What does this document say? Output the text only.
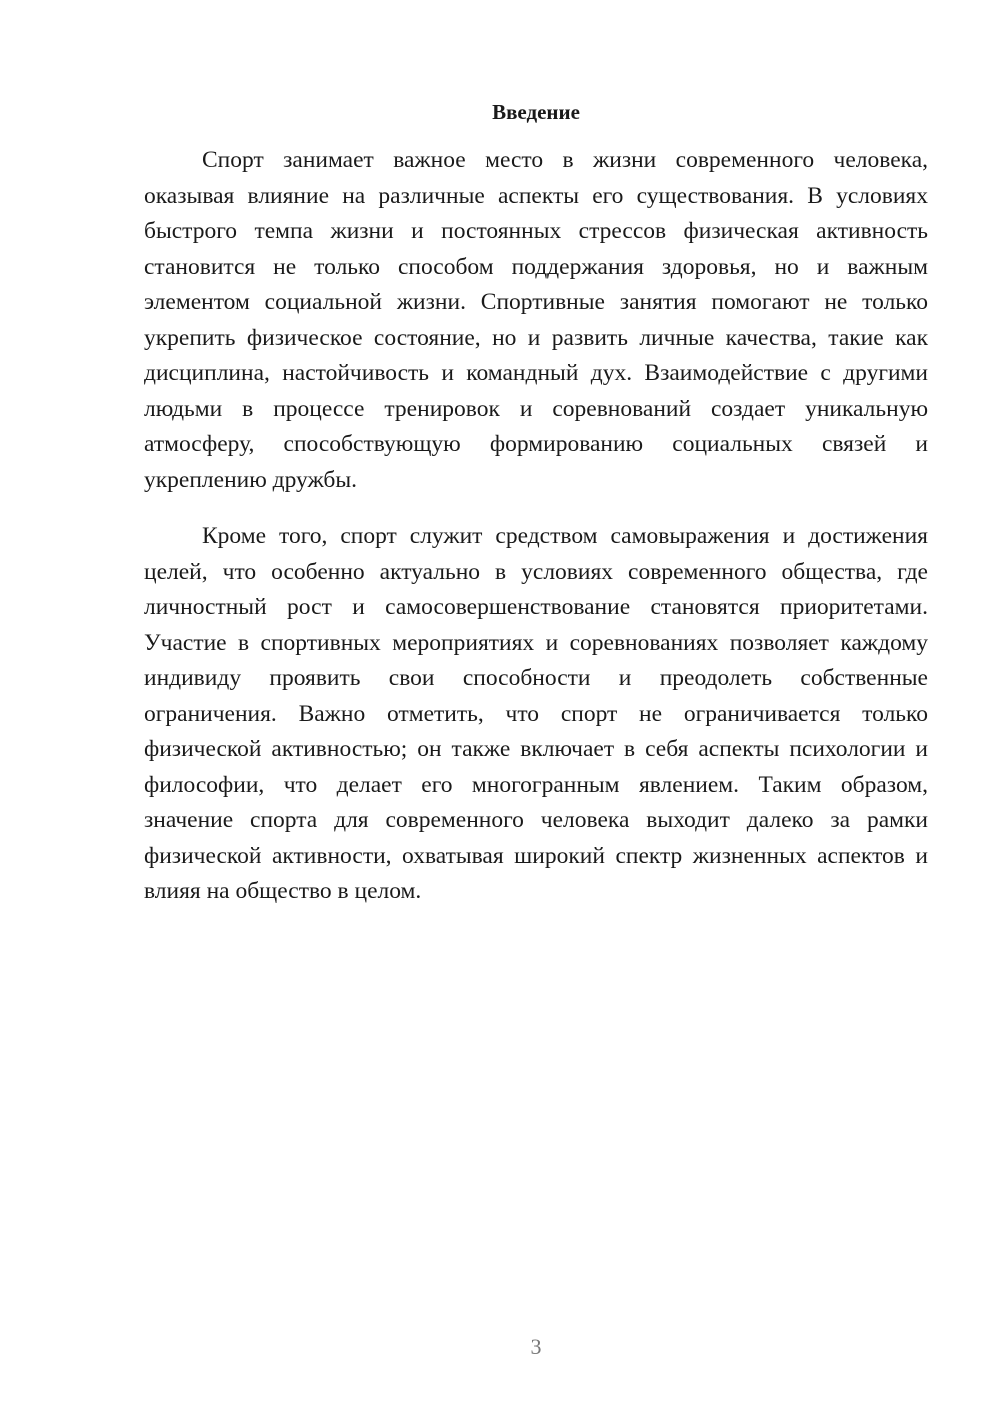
Введение

Спорт занимает важное место в жизни современного человека, оказывая влияние на различные аспекты его существования. В условиях быстрого темпа жизни и постоянных стрессов физическая активность становится не только способом поддержания здоровья, но и важным элементом социальной жизни. Спортивные занятия помогают не только укрепить физическое состояние, но и развить личные качества, такие как дисциплина, настойчивость и командный дух. Взаимодействие с другими людьми в процессе тренировок и соревнований создает уникальную атмосферу, способствующую формированию социальных связей и укреплению дружбы.

Кроме того, спорт служит средством самовыражения и достижения целей, что особенно актуально в условиях современного общества, где личностный рост и самосовершенствование становятся приоритетами. Участие в спортивных мероприятиях и соревнованиях позволяет каждому индивиду проявить свои способности и преодолеть собственные ограничения. Важно отметить, что спорт не ограничивается только физической активностью; он также включает в себя аспекты психологии и философии, что делает его многогранным явлением. Таким образом, значение спорта для современного человека выходит далеко за рамки физической активности, охватывая широкий спектр жизненных аспектов и влияя на общество в целом.

3
